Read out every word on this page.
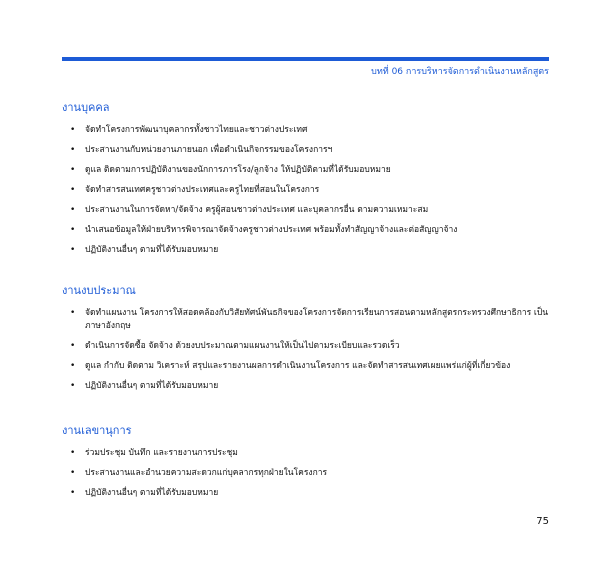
บทที่ 06 การบริหารจัดการดำเนินงานหลักสูตร
งานบุคคล
• จัดทำโครงการพัฒนาบุคลากรทั้งชาวไทยและชาวต่างประเทศ
• ประสานงานกับหน่วยงานภายนอก เพื่อดำเนินกิจกรรมของโครงการฯ
• ดูแล ติดตามการปฏิบัติงานของนักการภารโรง/ลูกจ้าง ให้ปฏิบัติตามที่ได้รับมอบหมาย
• จัดทำสารสนเทศครูชาวต่างประเทศและครูไทยที่สอนในโครงการ
• ประสานงานในการจัดหา/จัดจ้าง ครูผู้สอนชาวต่างประเทศ และบุคลากรอื่น ตามความเหมาะสม
• นำเสนอข้อมูลให้ฝ่ายบริหารพิจารณาจัดจ้างครูชาวต่างประเทศ พร้อมทั้งทำสัญญาจ้างและต่อสัญญาจ้าง
• ปฏิบัติงานอื่นๆ ตามที่ได้รับมอบหมาย
งานงบประมาณ
• จัดทำแผนงาน โครงการให้สอดคล้องกับวิสัยทัศน์พันธกิจของโครงการจัดการเรียนการสอนตามหลักสูตรกระทรวงศึกษาธิการ เป็นภาษาอังกฤษ
• ดำเนินการจัดซื้อ จัดจ้าง ด้วยงบประมาณตามแผนงานให้เป็นไปตามระเบียบและรวดเร็ว
• ดูแล กำกับ ติดตาม วิเคราะห์ สรุปและรายงานผลการดำเนินงานโครงการ และจัดทำสารสนเทศเผยแพร่แก่ผู้ที่เกี่ยวข้อง
• ปฏิบัติงานอื่นๆ ตามที่ได้รับมอบหมาย
งานเลขานุการ
• ร่วมประชุม บันทึก และรายงานการประชุม
• ประสานงานและอำนวยความสะดวกแก่บุคลากรทุกฝ่ายในโครงการ
• ปฏิบัติงานอื่นๆ ตามที่ได้รับมอบหมาย
75
